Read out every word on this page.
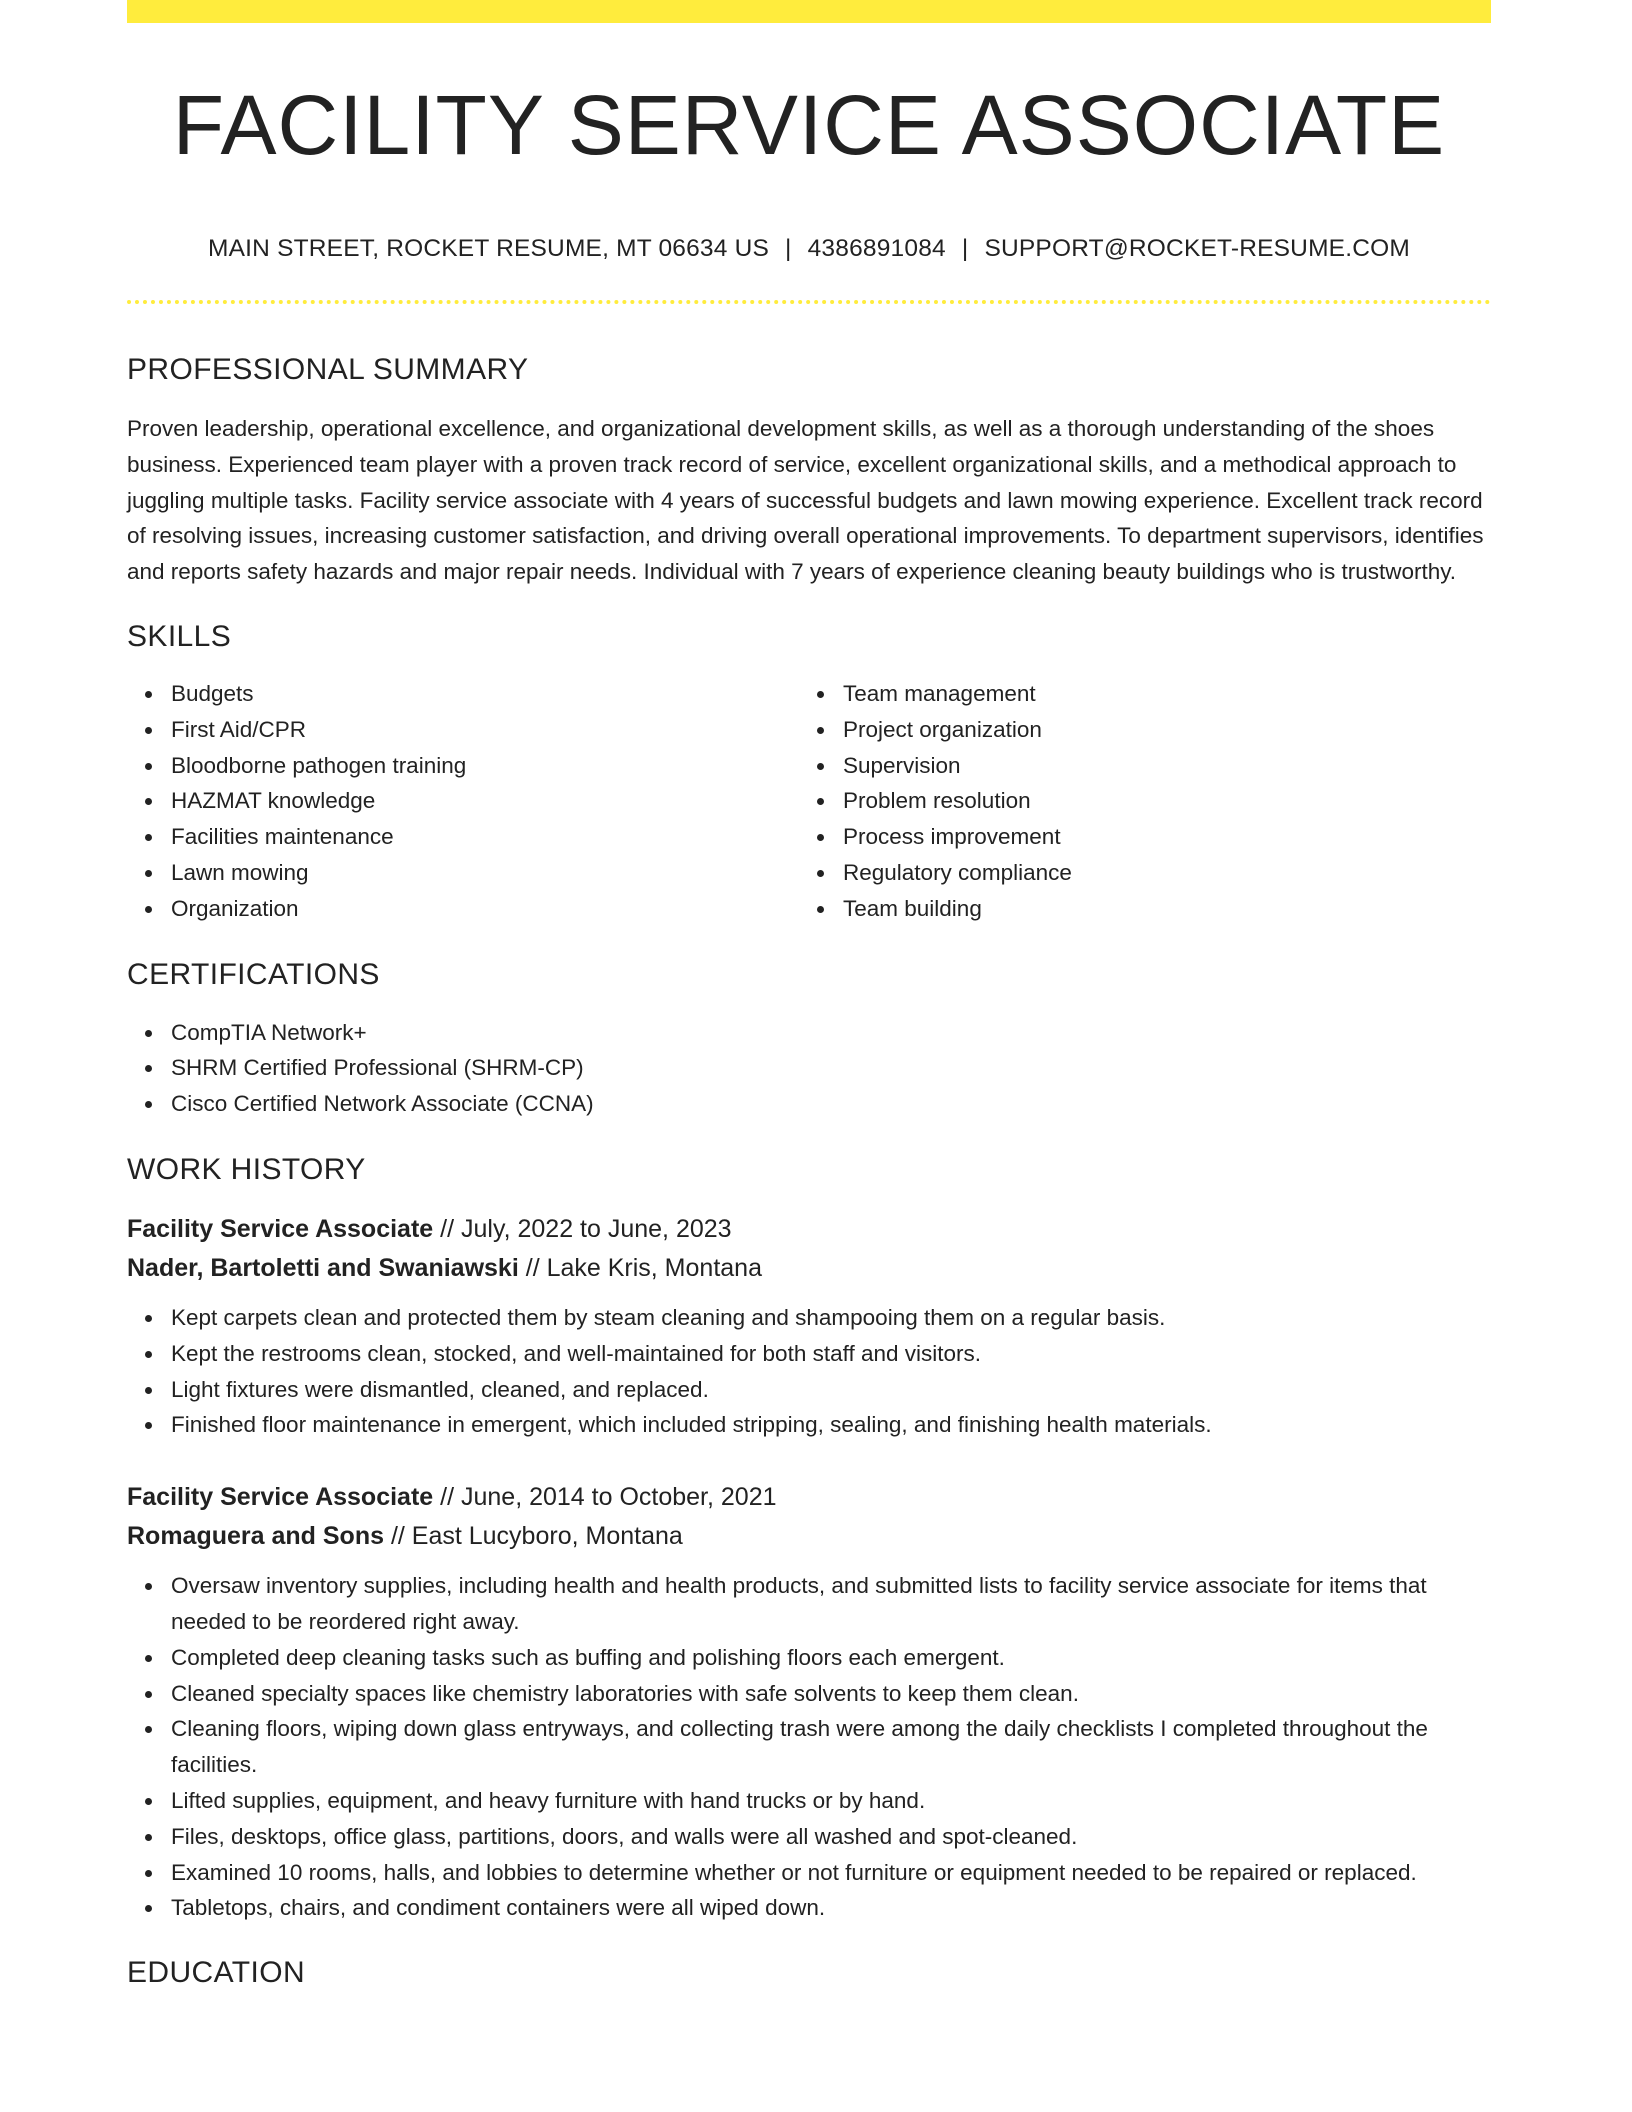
FACILITY SERVICE ASSOCIATE
MAIN STREET, ROCKET RESUME, MT 06634 US | 4386891084 | SUPPORT@ROCKET-RESUME.COM
PROFESSIONAL SUMMARY

Proven leadership, operational excellence, and organizational development skills, as well as a thorough understanding of the shoes business. Experienced team player with a proven track record of service, excellent organizational skills, and a methodical approach to juggling multiple tasks. Facility service associate with 4 years of successful budgets and lawn mowing experience. Excellent track record of resolving issues, increasing customer satisfaction, and driving overall operational improvements. To department supervisors, identifies and reports safety hazards and major repair needs. Individual with 7 years of experience cleaning beauty buildings who is trustworthy.

SKILLS
Budgets
First Aid/CPR
Bloodborne pathogen training
HAZMAT knowledge
Facilities maintenance
Lawn mowing
Organization
Team management
Project organization
Supervision
Problem resolution
Process improvement
Regulatory compliance
Team building
CERTIFICATIONS
CompTIA Network+
SHRM Certified Professional (SHRM-CP)
Cisco Certified Network Associate (CCNA)
WORK HISTORY
Facility Service Associate // July, 2022 to June, 2023
Nader, Bartoletti and Swaniawski // Lake Kris, Montana
Kept carpets clean and protected them by steam cleaning and shampooing them on a regular basis.
Kept the restrooms clean, stocked, and well-maintained for both staff and visitors.
Light fixtures were dismantled, cleaned, and replaced.
Finished floor maintenance in emergent, which included stripping, sealing, and finishing health materials.
Facility Service Associate // June, 2014 to October, 2021
Romaguera and Sons // East Lucyboro, Montana
Oversaw inventory supplies, including health and health products, and submitted lists to facility service associate for items that needed to be reordered right away.
Completed deep cleaning tasks such as buffing and polishing floors each emergent.
Cleaned specialty spaces like chemistry laboratories with safe solvents to keep them clean.
Cleaning floors, wiping down glass entryways, and collecting trash were among the daily checklists I completed throughout the facilities.
Lifted supplies, equipment, and heavy furniture with hand trucks or by hand.
Files, desktops, office glass, partitions, doors, and walls were all washed and spot-cleaned.
Examined 10 rooms, halls, and lobbies to determine whether or not furniture or equipment needed to be repaired or replaced.
Tabletops, chairs, and condiment containers were all wiped down.
EDUCATION
